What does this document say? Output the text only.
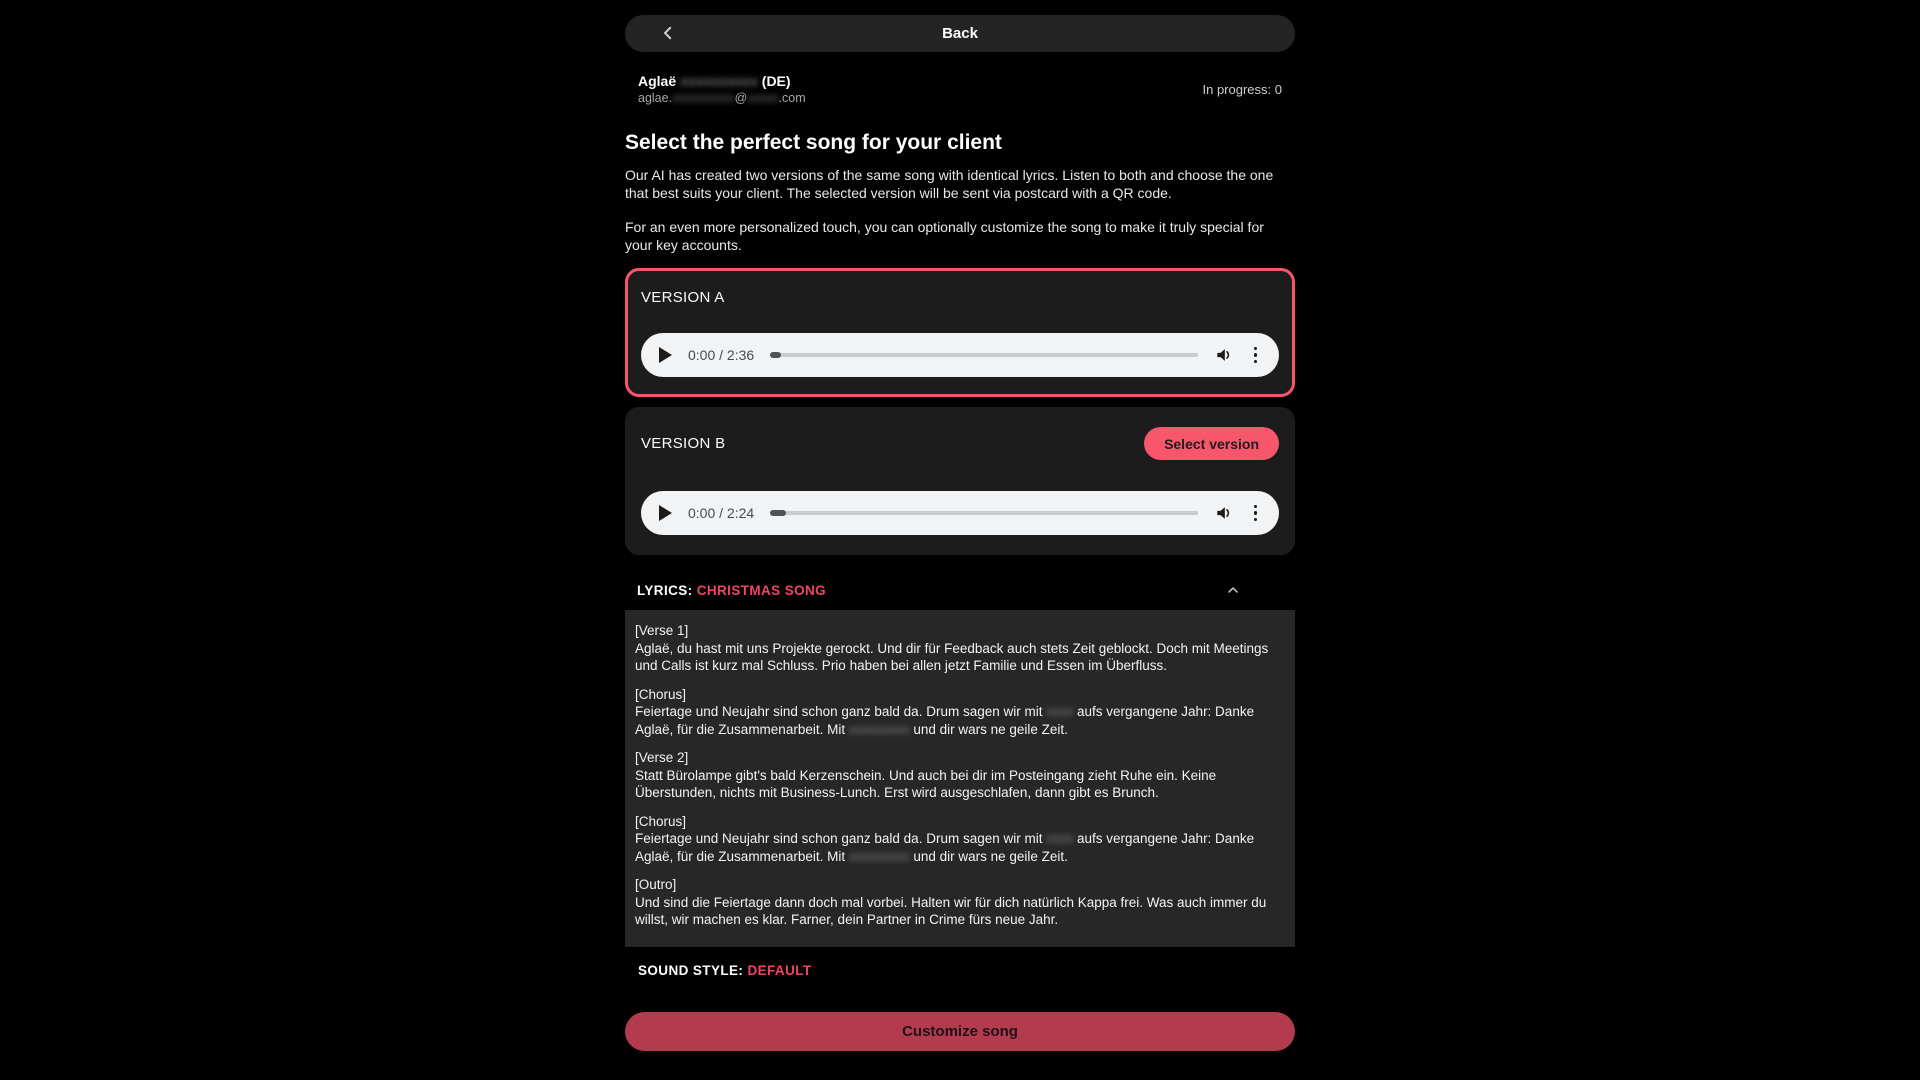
Back
Aglaë xxxxxxxxxx (DE)
aglae.xxxxxxxxxx@xxxxx.com
In progress: 0
Select the perfect song for your client

Our AI has created two versions of the same song with identical lyrics. Listen to both and choose the one that best suits your client. The selected version will be sent via postcard with a QR code.

For an even more personalized touch, you can optionally customize the song to make it truly special for your key accounts.

VERSION A
0:00 / 2:36
VERSION B	Select version
0:00 / 2:24
LYRICS: CHRISTMAS SONG
[Verse 1]
Aglaë, du hast mit uns Projekte gerockt. Und dir für Feedback auch stets Zeit geblockt. Doch mit Meetings und Calls ist kurz mal Schluss. Prio haben bei allen jetzt Familie und Essen im Überfluss.
[Chorus]
Feiertage und Neujahr sind schon ganz bald da. Drum sagen wir mit xxxx aufs vergangene Jahr: Danke Aglaë, für die Zusammenarbeit. Mit xxxxxxxxx und dir wars ne geile Zeit.
[Verse 2]
Statt Bürolampe gibt's bald Kerzenschein. Und auch bei dir im Posteingang zieht Ruhe ein. Keine Überstunden, nichts mit Business-Lunch. Erst wird ausgeschlafen, dann gibt es Brunch.
[Chorus]
Feiertage und Neujahr sind schon ganz bald da. Drum sagen wir mit xxxx aufs vergangene Jahr: Danke Aglaë, für die Zusammenarbeit. Mit xxxxxxxxx und dir wars ne geile Zeit.
[Outro]
Und sind die Feiertage dann doch mal vorbei. Halten wir für dich natürlich Kappa frei. Was auch immer du willst, wir machen es klar. Farner, dein Partner in Crime fürs neue Jahr.
SOUND STYLE: DEFAULT
Customize song
